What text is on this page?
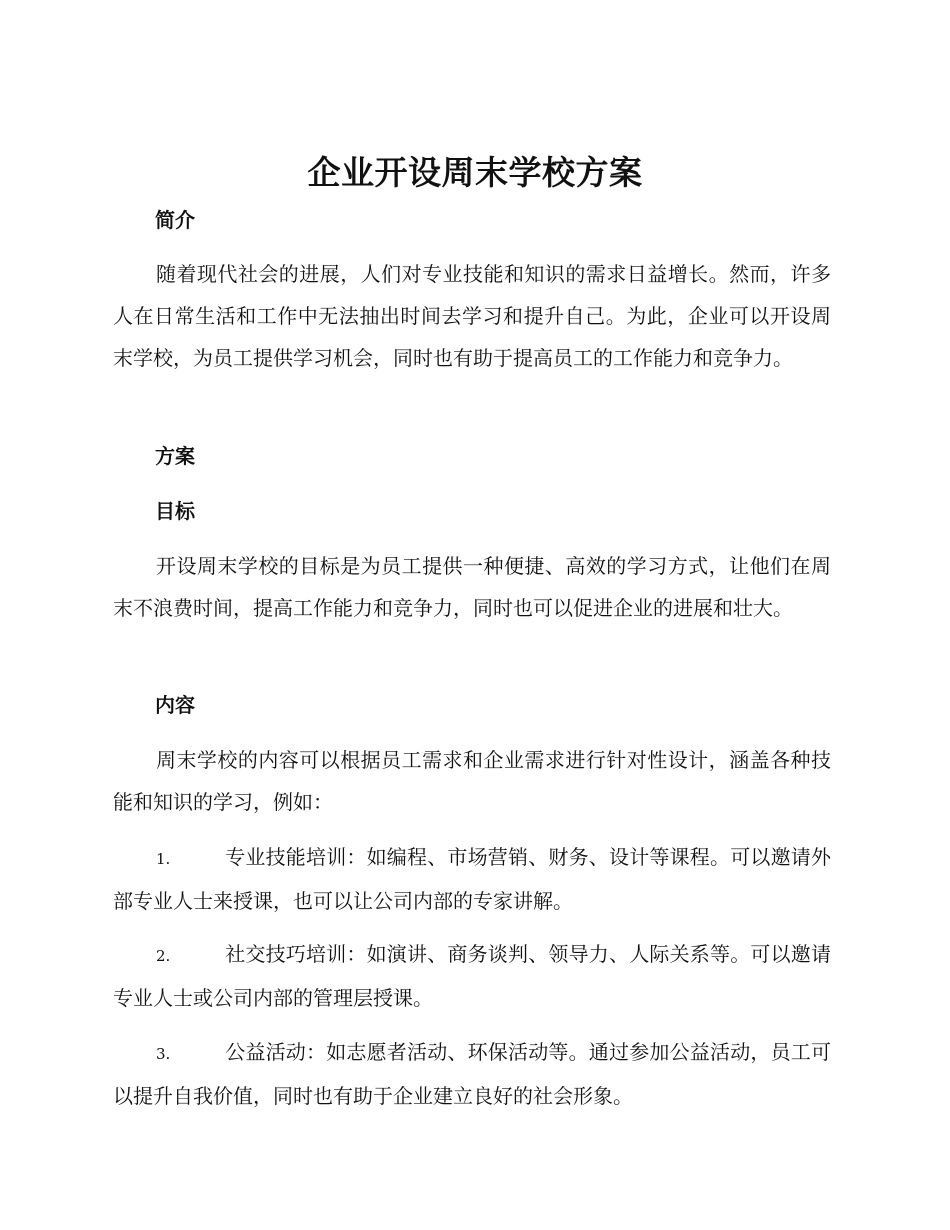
企业开设周末学校方案
简介

随着现代社会的进展，人们对专业技能和知识的需求日益增长。然而，许多人在日常生活和工作中无法抽出时间去学习和提升自己。为此，企业可以开设周末学校，为员工提供学习机会，同时也有助于提高员工的工作能力和竞争力。

方案
目标

开设周末学校的目标是为员工提供一种便捷、高效的学习方式，让他们在周末不浪费时间，提高工作能力和竞争力，同时也可以促进企业的进展和壮大。

内容

周末学校的内容可以根据员工需求和企业需求进行针对性设计，涵盖各种技能和知识的学习，例如：

1.	专业技能培训：如编程、市场营销、财务、设计等课程。可以邀请外部专业人士来授课，也可以让公司内部的专家讲解。

2.	社交技巧培训：如演讲、商务谈判、领导力、人际关系等。可以邀请专业人士或公司内部的管理层授课。

3.	公益活动：如志愿者活动、环保活动等。通过参加公益活动，员工可以提升自我价值，同时也有助于企业建立良好的社会形象。
